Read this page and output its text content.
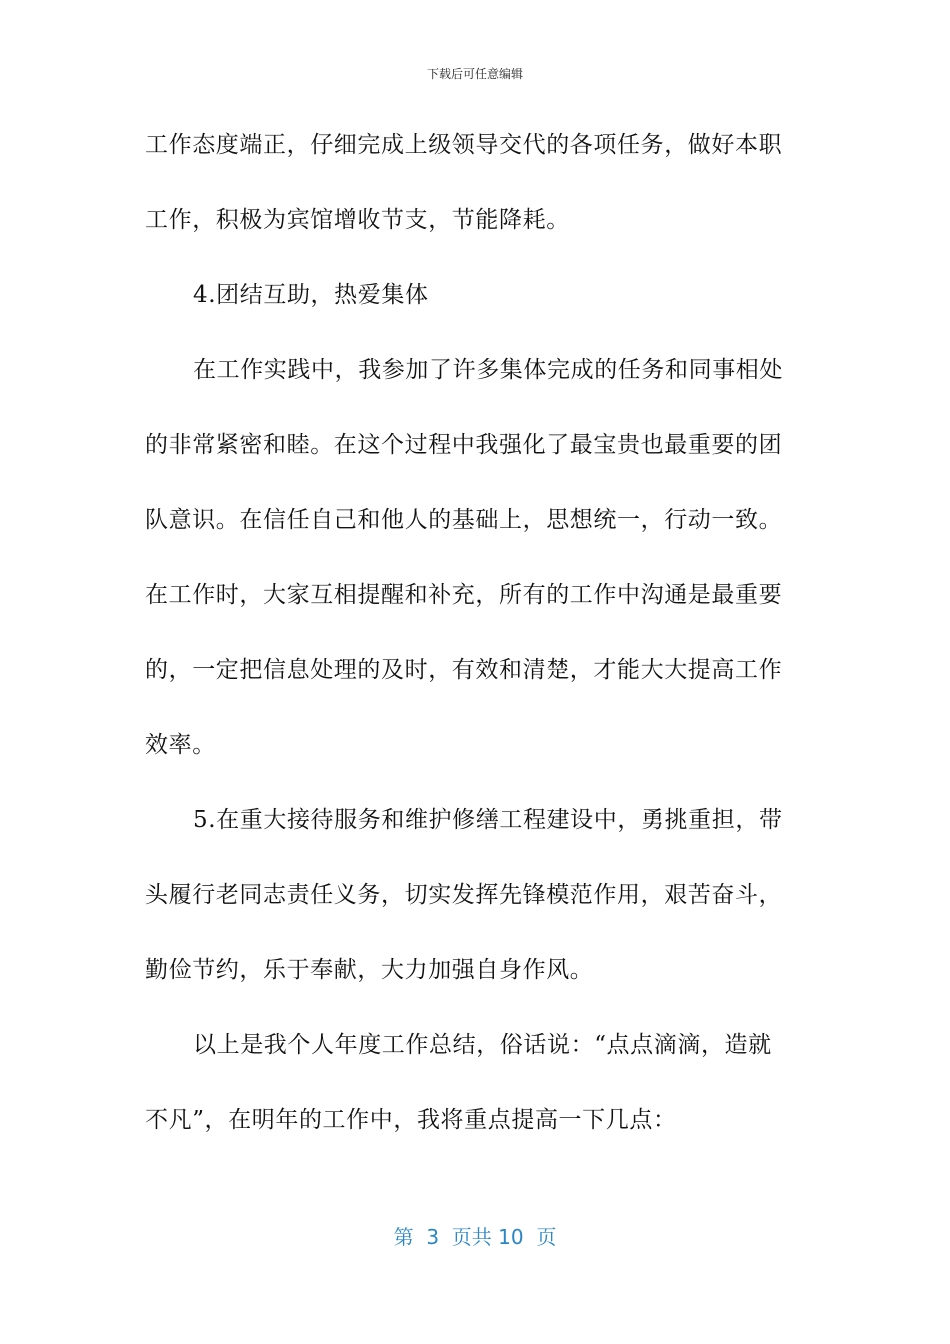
下载后可任意编辑
工作态度端正，仔细完成上级领导交代的各项任务，做好本职
工作，积极为宾馆增收节支，节能降耗。
4.团结互助，热爱集体
在工作实践中，我参加了许多集体完成的任务和同事相处
的非常紧密和睦。在这个过程中我强化了最宝贵也最重要的团
队意识。在信任自己和他人的基础上，思想统一，行动一致。
在工作时，大家互相提醒和补充，所有的工作中沟通是最重要
的，一定把信息处理的及时，有效和清楚，才能大大提高工作
效率。
5.在重大接待服务和维护修缮工程建设中，勇挑重担，带
头履行老同志责任义务，切实发挥先锋模范作用，艰苦奋斗，
勤俭节约，乐于奉献，大力加强自身作风。
以上是我个人年度工作总结，俗话说：“点点滴滴，造就
不凡”，在明年的工作中，我将重点提高一下几点：
第  3  页共 10  页
